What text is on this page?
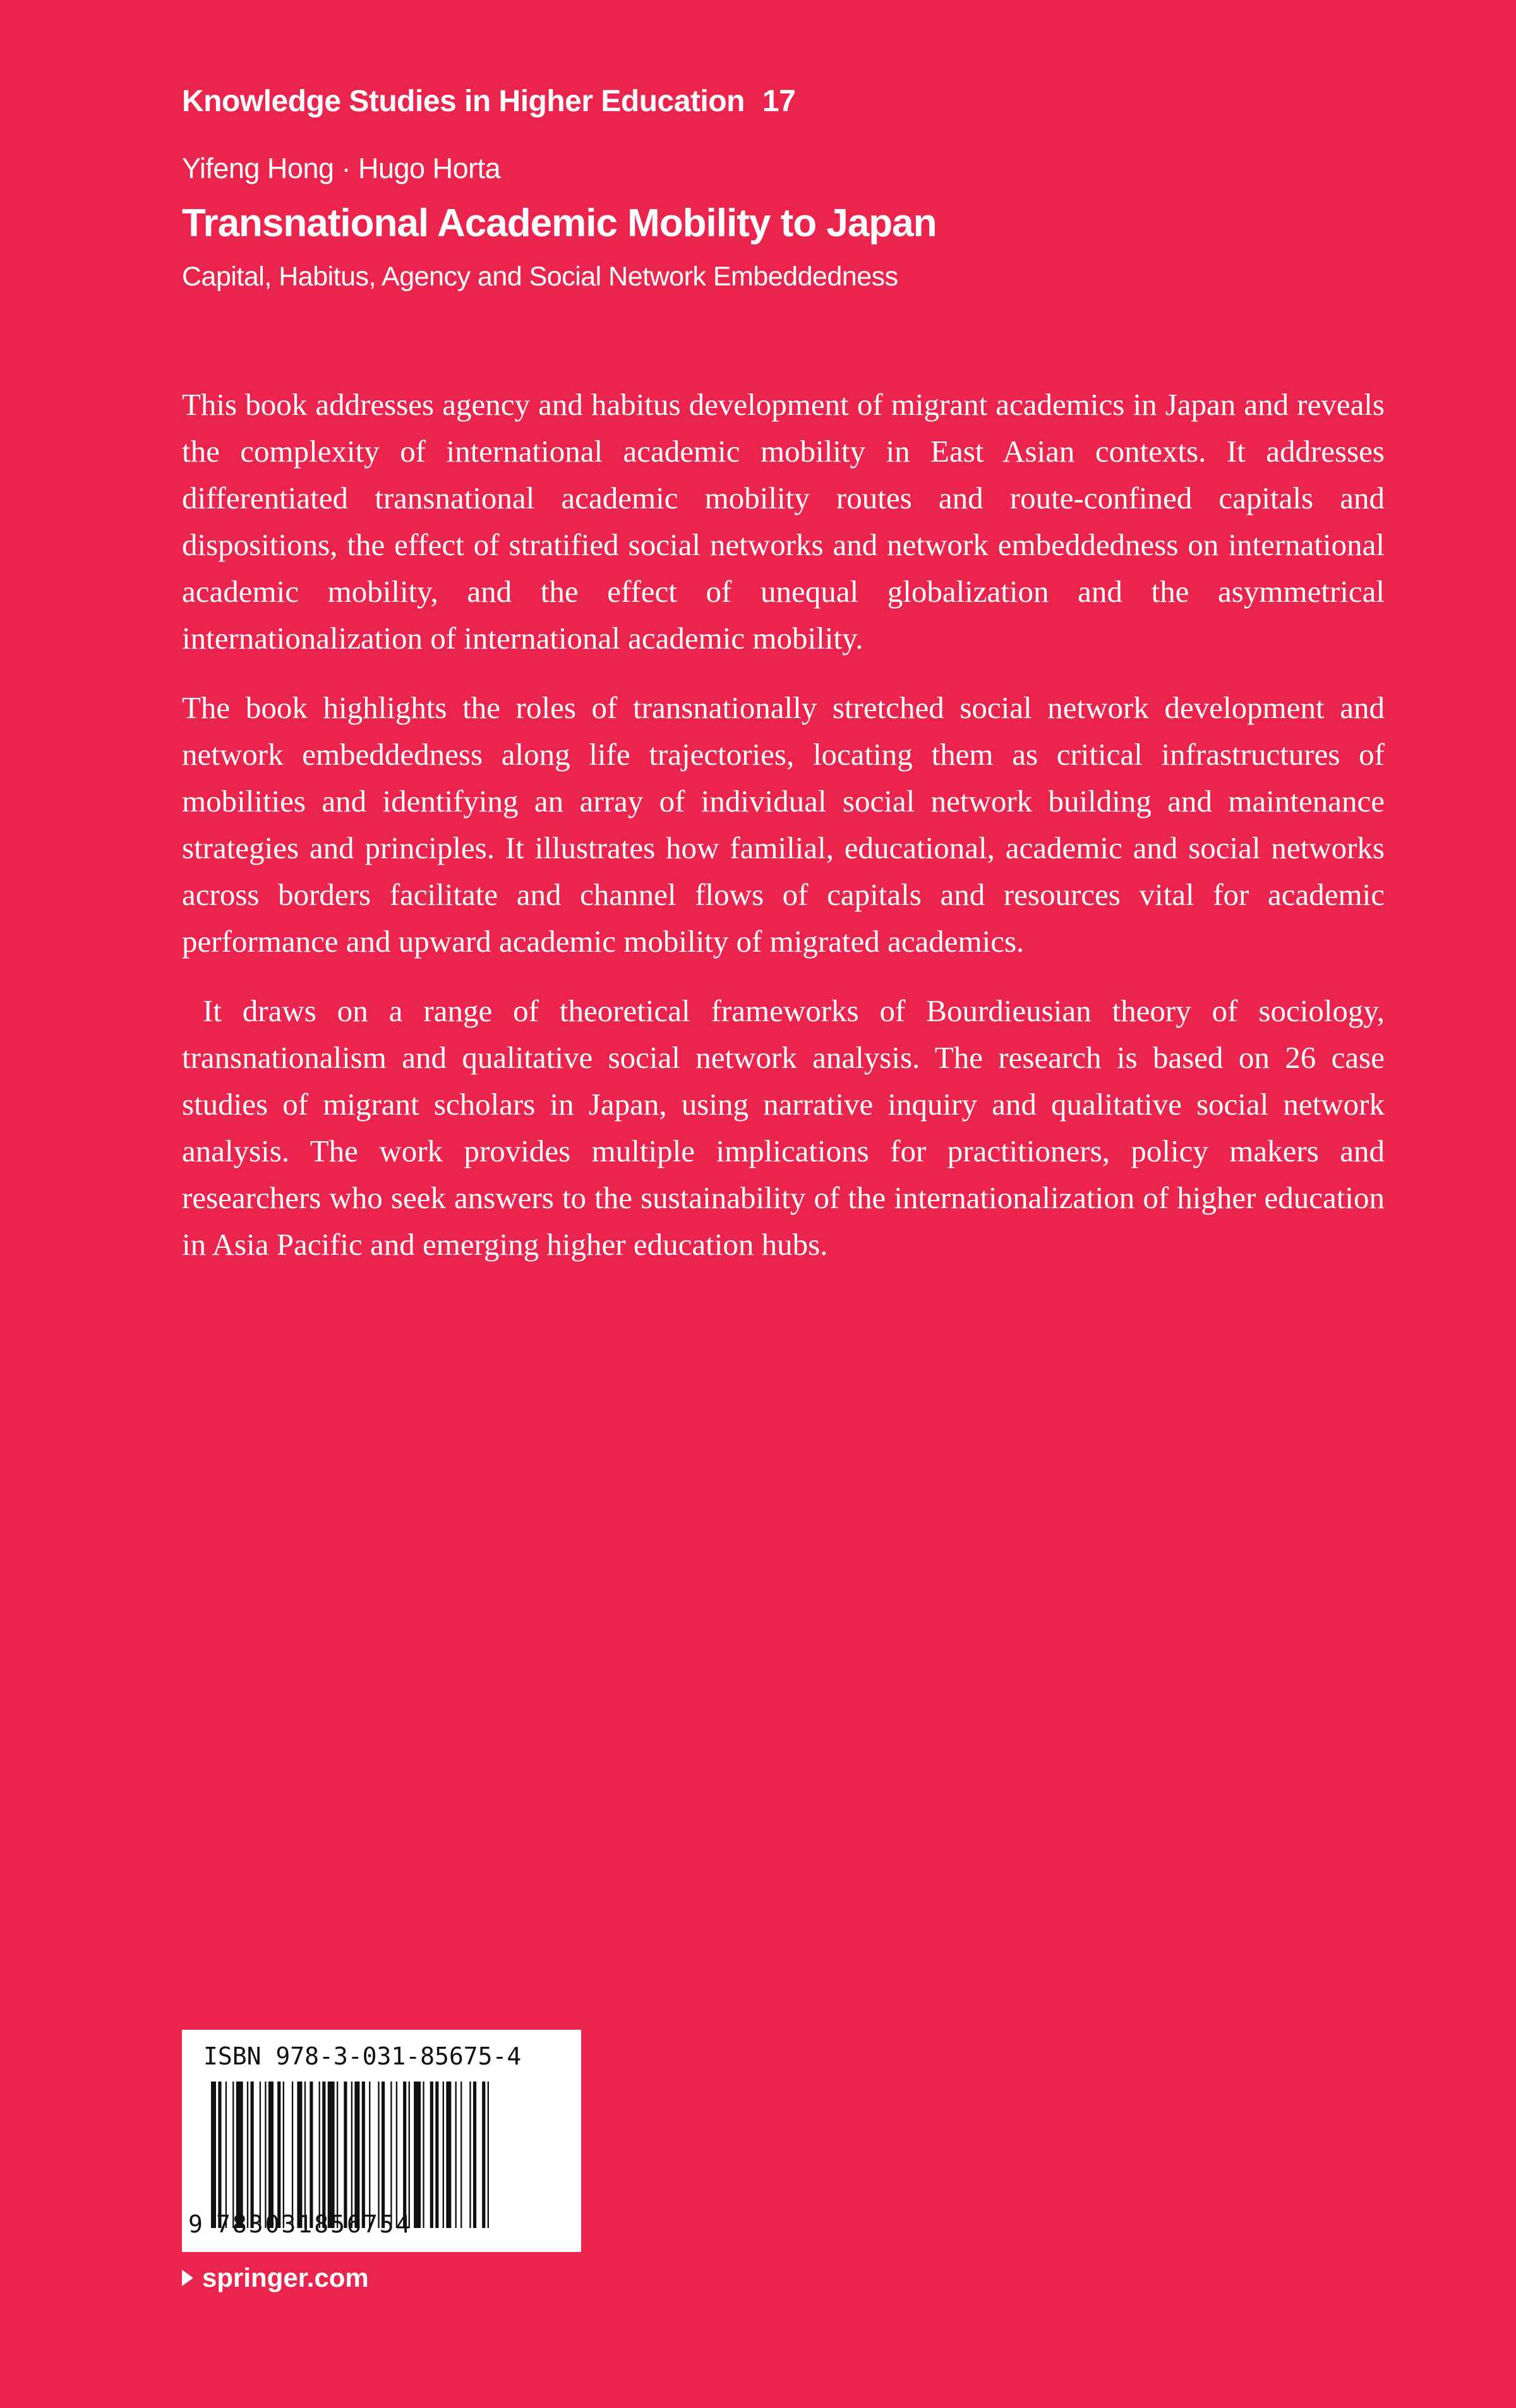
Knowledge Studies in Higher Education 17
Yifeng Hong · Hugo Horta
Transnational Academic Mobility to Japan
Capital, Habitus, Agency and Social Network Embeddedness

This book addresses agency and habitus development of migrant academics in Japan and reveals the complexity of international academic mobility in East Asian contexts. It addresses differentiated transnational academic mobility routes and route-confined capitals and dispositions, the effect of stratified social networks and network embeddedness on international academic mobility, and the effect of unequal globalization and the asymmetrical internationalization of international academic mobility.

The book highlights the roles of transnationally stretched social network development and network embeddedness along life trajectories, locating them as critical infrastructures of mobilities and identifying an array of individual social network building and maintenance strategies and principles. It illustrates how familial, educational, academic and social networks across borders facilitate and channel flows of capitals and resources vital for academic performance and upward academic mobility of migrated academics.

It draws on a range of theoretical frameworks of Bourdieusian theory of sociology, transnationalism and qualitative social network analysis. The research is based on 26 case studies of migrant scholars in Japan, using narrative inquiry and qualitative social network analysis. The work provides multiple implications for practitioners, policy makers and researchers who seek answers to the sustainability of the internationalization of higher education in Asia Pacific and emerging higher education hubs.

ISBN 978-3-031-85675-4
9 783031856754
springer.com
